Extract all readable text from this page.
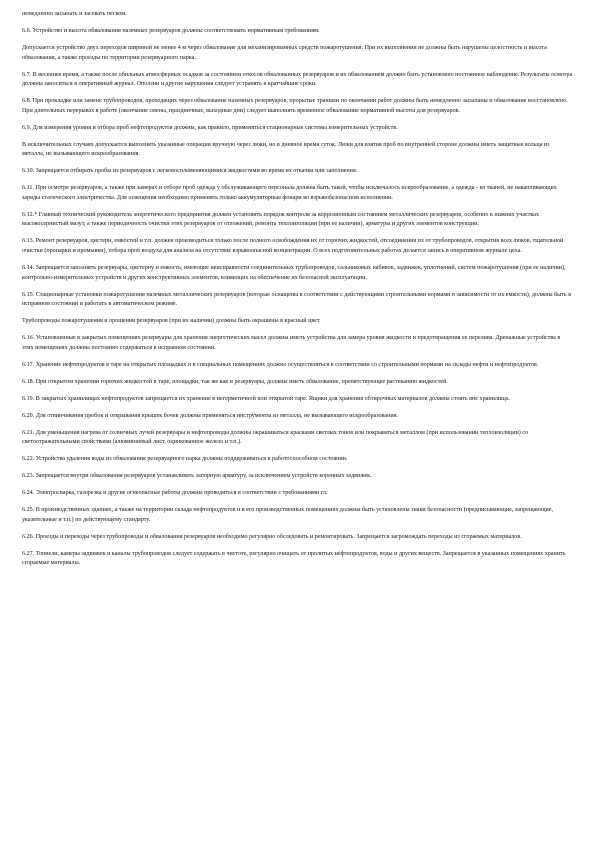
немедленно засыпать и засевать песком.

6.6. Устройство и высота обвалования наземных резервуаров должны соответствовать нормативным требованиям.

Допускается устройство двух переходов шириной не менее 4 м через обвалование для механизированных средств пожаротушения. При их выполнении не должны быть нарушены целостность и высота обвалования, а также проезды по территории резервуарного парка.

6.7. В весеннее время, а также после обильных атмосферных осадков за состоянием откосов обвалованных резервуаров и их обвалованием должно быть установлено постоянное наблюдение. Результаты осмотра должны заноситься в оперативный журнал. Оползни и другие нарушения следует устранять в кратчайшие сроки.

6.8. При прокладке или замене трубопроводов, проходящих через обвалование наземных резервуаров, прорытые траншеи по окончании работ должны быть немедленно засыпаны и обвалование восстановлено. При длительных перерывах в работе (окончание смены, праздничные, выходные дни) следует выполнять временное обвалование нормативной высоты для резервуаров.

6.9. Для измерения уровня и отбора проб нефтепродуктов должны, как правило, применяться стационарные системы измерительных устройств.

В исключительных случаях допускается выполнять указанные операции вручную через люки, но в дневное время суток. Люки для взятия проб по внутренней стороне должны иметь защитные кольца из металла, не вызывающего искрообразования.

6.10. Запрещается отбирать пробы из резервуаров с легковоспламеняющимися жидкостями во время их откачки или заполнения.

6.11. При осмотре резервуаров, а также при замерах и отборе проб одежда у обслуживающего персонала должна быть такой, чтобы исключалось искрообразование, а одежда - из тканей, не накапливающих заряды статического электричества. Для освещения необходимо применять только аккумуляторные фонари во взрывобезопасном исполнении.

6.12.* Главный технический руководитель энергетического предприятия должен установить порядок контроля за коррозионным состоянием металлических резервуаров, особенно в нижних участках высокосернистый мазут, а также периодичность очистки этих резервуаров от отложений, ремонта теплоизоляции (при ее наличии), арматуры и других элементов конструкции.

6.13. Ремонт резервуаров, цистерн, емкостей и т.п. должен производиться только после полного освобождения их от горючих жидкостей, отсоединения их от трубопроводов, открытия всех люков, тщательной очистки (пропарки и промывки), отбора проб воздуха для анализа на отсутствие взрывоопасной концентрации. О всех подготовительных работах делается запись в оперативном журнале цеха.

6.14. Запрещается заполнять резервуары, цистерну и емкость, имеющие неисправности соединительных трубопроводов, сальниковых набивок, задвижек, уплотнений, систем пожаротушения (при ее наличии), контрольно-измерительных устройств и других конструктивных элементов, влияющих на обеспечение их безопасной эксплуатации.

6.15. Стационарные установки пожаротушения наземных металлических резервуаров (которые оснащены в соответствии с действующими строительными нормами в зависимости от их емкости), должны быть в исправном состоянии и работать в автоматическом режиме.

Трубопроводы пожаротушения и орошения резервуаров (при их наличии) должны быть окрашены в красный цвет.

6.16. Установленные в закрытых помещениях резервуары для хранения энергетических масел должны иметь устройства для замера уровня жидкости и предотвращения ее перелива. Дренажные устройства в этих помещениях должны постоянно содержаться в исправном состоянии.

6.17. Хранение нефтепродуктов в таре на открытых площадках и в специальных помещениях должно осуществляться в соответствии со строительными нормами на склады нефти и нефтепродуктов.

6.18. При открытом хранении горючих жидкостей в таре, площадки, так же как и резервуары, должны иметь обвалование, препятствующее растеканию жидкостей.

6.19. В закрытых хранилищах нефтепродуктов запрещается их хранение в негерметичной или открытой таре. Ящики для хранения обтирочных материалов должны стоять вне хранилища.

6.20. Для отвинчивания пробок и открывания крышек бочек должны применяться инструменты из металла, не вызывающего искрообразования.

6.21. Для уменьшения нагрева от солнечных лучей резервуары и нефтепроводы должны окрашиваться красками светлых тонов или покрываться металлом (при использовании теплоизоляции) со светоотражательными свойствами (алюминиевый лист, оцинкованное железо и т.п.).

6.22. Устройства удаления воды из обвалования резервуарного парка должны поддерживаться в работоспособном состоянии.

6.23. Запрещается внутри обвалования резервуаров устанавливать запорную арматуру, за исключением устройств коренных задвижек.

6.24. Электросварка, газорезка и другие огнеопасные работы должны проводиться в соответствии с требованиями гл.

6.25. В производственных зданиях, а также на территории склада нефтепродуктов и в его производственных помещениях должны быть установлены знаки безопасности (предписывающие, запрещающие, указательные и т.п.) по действующему стандарту.

6.26. Проезды и переходы через трубопроводы и обвалования резервуаров необходимо регулярно обследовать и ремонтировать. Запрещается загромождать переходы из сгораемых материалов.

6.27. Тоннели, камеры задвижек и каналы трубопроводов следует содержать в чистоте, регулярно очищать от пролитых нефтепродуктов, воды и других веществ. Запрещается в указанных помещениях хранить сгораемые материалы.
